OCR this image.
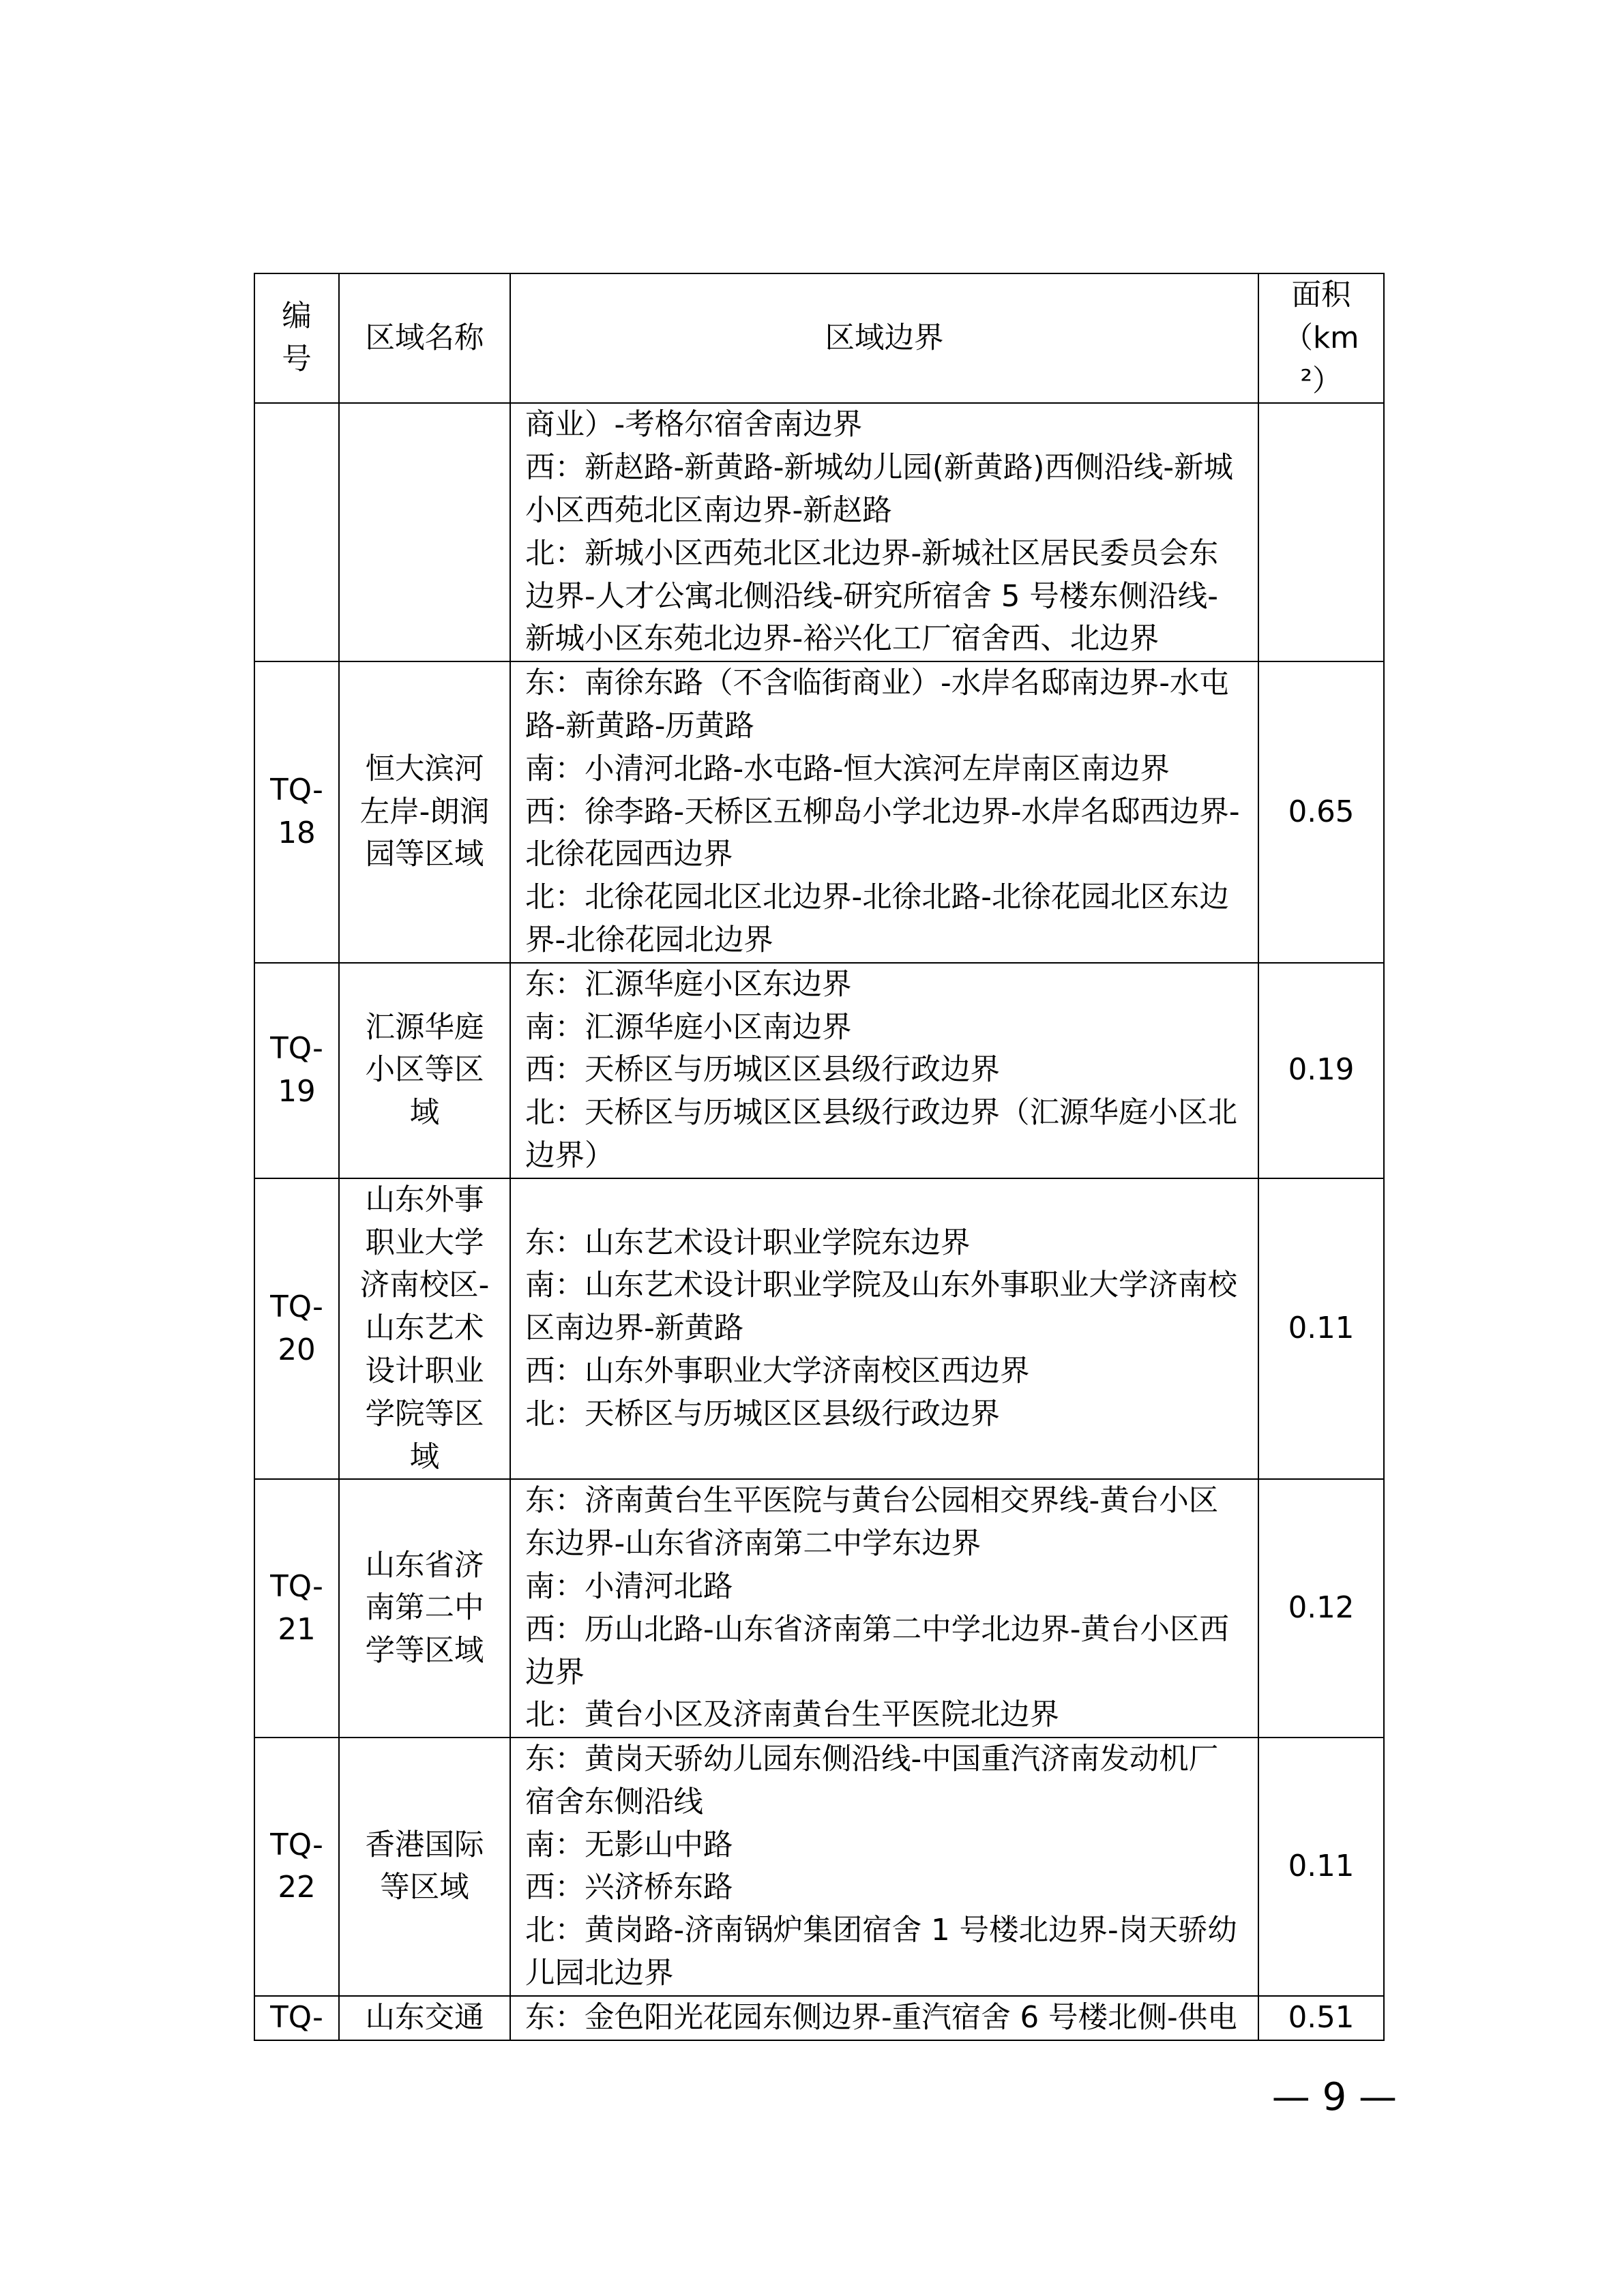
编号	区域名称	区域边界	面积（km²）

		商业）-考格尔宿舍南边界
西：新赵路-新黄路-新城幼儿园(新黄路)西侧沿线-新城小区西苑北区南边界-新赵路
北：新城小区西苑北区北边界-新城社区居民委员会东边界-人才公寓北侧沿线-研究所宿舍 5 号楼东侧沿线-新城小区东苑北边界-裕兴化工厂宿舍西、北边界	

TQ-18	恒大滨河左岸-朗润园等区域	东：南徐东路（不含临街商业）-水岸名邸南边界-水屯路-新黄路-历黄路
南：小清河北路-水屯路-恒大滨河左岸南区南边界
西：徐李路-天桥区五柳岛小学北边界-水岸名邸西边界-北徐花园西边界
北：北徐花园北区北边界-北徐北路-北徐花园北区东边界-北徐花园北边界	0.65
TQ-19	汇源华庭小区等区域	东：汇源华庭小区东边界
南：汇源华庭小区南边界
西：天桥区与历城区区县级行政边界
北：天桥区与历城区区县级行政边界（汇源华庭小区北边界）	0.19
TQ-20	山东外事职业大学济南校区-山东艺术设计职业学院等区域	东：山东艺术设计职业学院东边界
南：山东艺术设计职业学院及山东外事职业大学济南校区南边界-新黄路
西：山东外事职业大学济南校区西边界
北：天桥区与历城区区县级行政边界	0.11
TQ-21	山东省济南第二中学等区域	东：济南黄台生平医院与黄台公园相交界线-黄台小区东边界-山东省济南第二中学东边界
南：小清河北路
西：历山北路-山东省济南第二中学北边界-黄台小区西边界
北：黄台小区及济南黄台生平医院北边界	0.12
TQ-22	香港国际等区域	东：黄岗天骄幼儿园东侧沿线-中国重汽济南发动机厂宿舍东侧沿线
南：无影山中路
西：兴济桥东路
北：黄岗路-济南锅炉集团宿舍 1 号楼北边界-岗天骄幼儿园北边界	0.11
TQ-	山东交通	东：金色阳光花园东侧边界-重汽宿舍 6 号楼北侧-供电	0.51
— 9 —
